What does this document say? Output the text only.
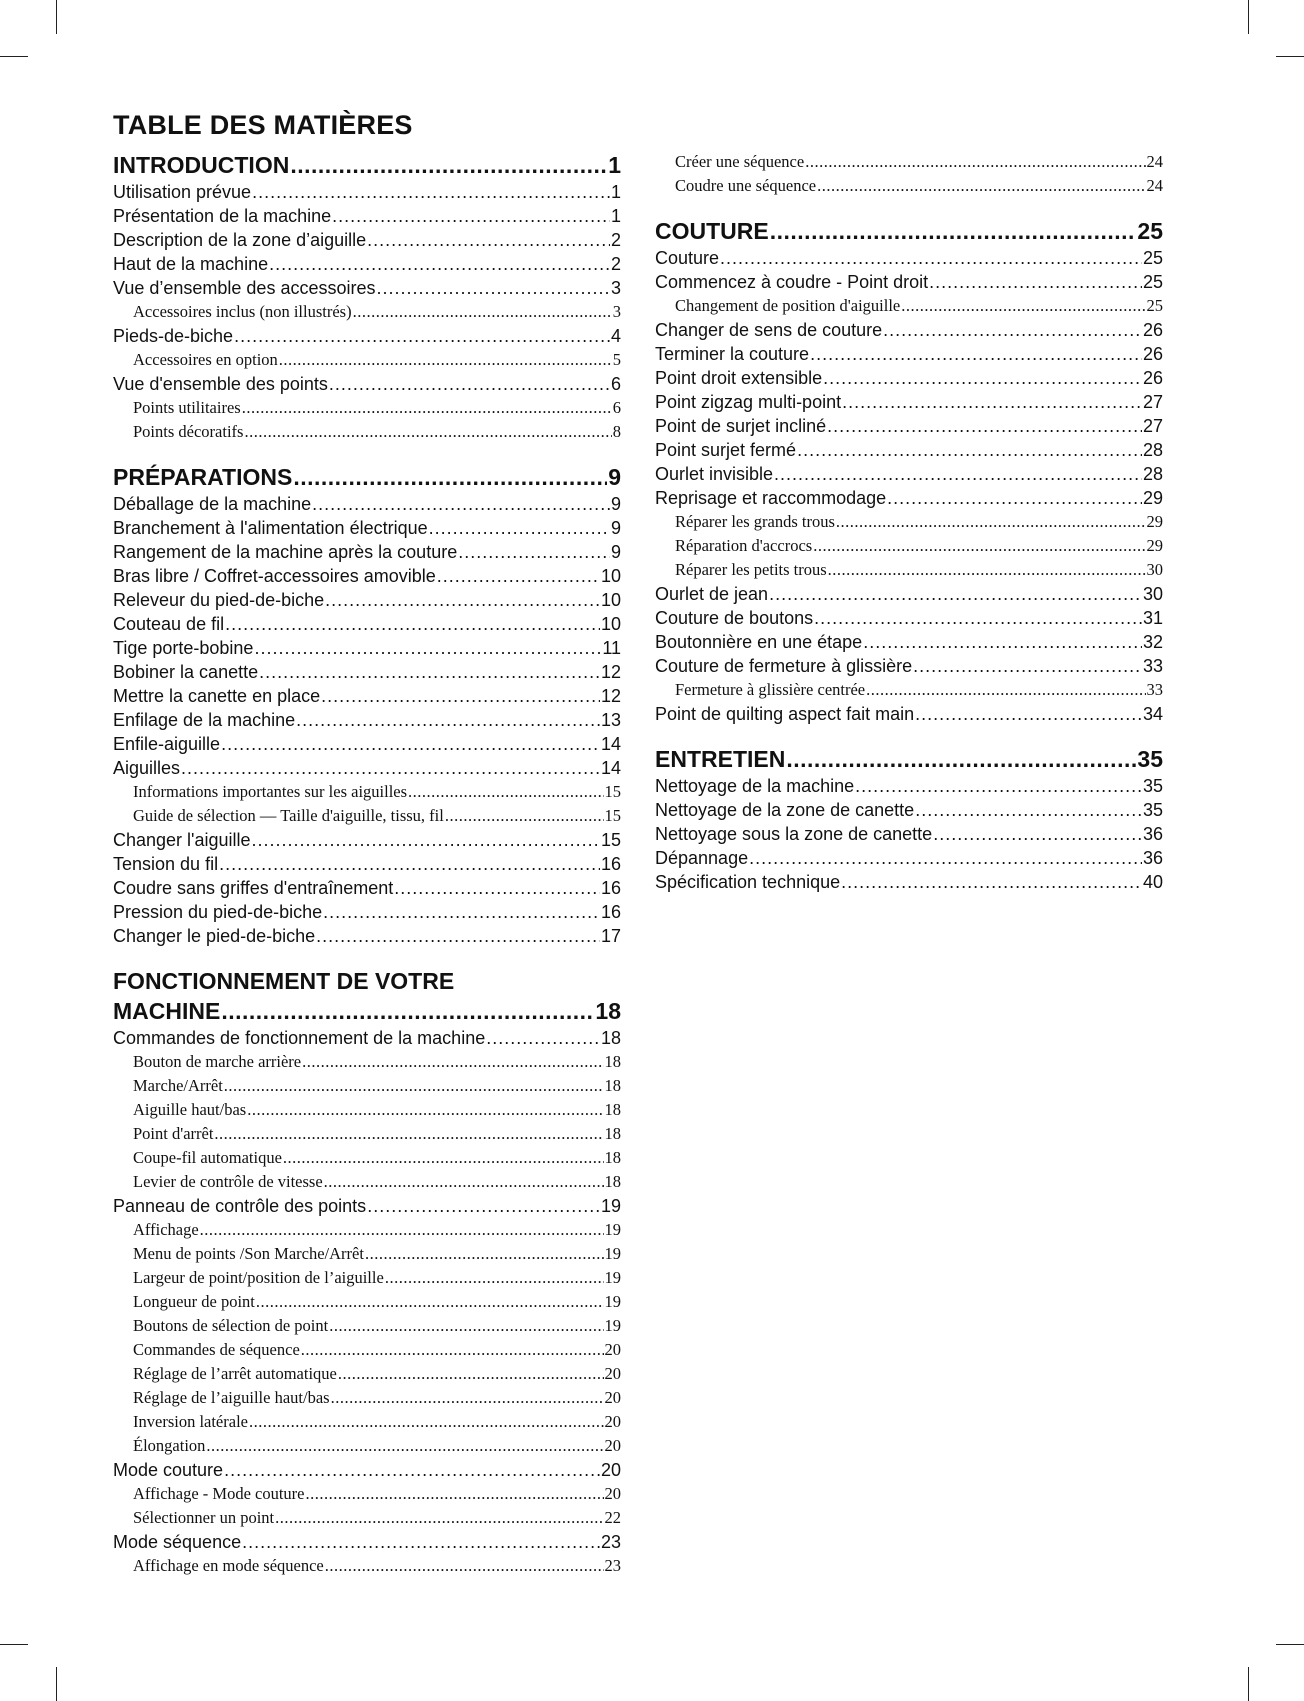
TABLE DES MATIÈRES
INTRODUCTION .....	1
Utilisation prévue .....	1
Présentation de la machine .....	1
Description de la zone d’aiguille .....	2
Haut de la machine .....	2
Vue d’ensemble des accessoires .....	3
Accessoires inclus (non illustrés) .....	3
Pieds-de-biche .....	4
Accessoires en option .....	5
Vue d'ensemble des points .....	6
Points utilitaires .....	6
Points décoratifs .....	8
PRÉPARATIONS .....	9
Déballage de la machine .....	9
Branchement à l'alimentation électrique .....	9
Rangement de la machine après la couture .....	9
Bras libre / Coffret-accessoires amovible .....	10
Releveur du pied-de-biche .....	10
Couteau de fil .....	10
Tige porte-bobine .....	11
Bobiner la canette .....	12
Mettre la canette en place .....	12
Enfilage de la machine .....	13
Enfile-aiguille .....	14
Aiguilles .....	14
Informations importantes sur les aiguilles .....	15
Guide de sélection — Taille d'aiguille, tissu, fil .....	15
Changer l'aiguille .....	15
Tension du fil .....	16
Coudre sans griffes d'entraînement .....	16
Pression du pied-de-biche .....	16
Changer le pied-de-biche .....	17
FONCTIONNEMENT DE VOTRE
MACHINE .....	18
Commandes de fonctionnement de la machine .....	18
Bouton de marche arrière .....	18
Marche/Arrêt .....	18
Aiguille haut/bas .....	18
Point d'arrêt .....	18
Coupe-fil automatique .....	18
Levier de contrôle de vitesse .....	18
Panneau de contrôle des points .....	19
Affichage .....	19
Menu de points /Son Marche/Arrêt .....	19
Largeur de point/position de l’aiguille .....	19
Longueur de point .....	19
Boutons de sélection de point .....	19
Commandes de séquence .....	20
Réglage de l’arrêt automatique .....	20
Réglage de l’aiguille haut/bas .....	20
Inversion latérale .....	20
Élongation .....	20
Mode couture .....	20
Affichage - Mode couture .....	20
Sélectionner un point .....	22
Mode séquence .....	23
Affichage en mode séquence .....	23
Créer une séquence .....	24
Coudre une séquence .....	24
COUTURE .....	25
Couture .....	25
Commencez à coudre - Point droit .....	25
Changement de position d'aiguille .....	25
Changer de sens de couture .....	26
Terminer la couture .....	26
Point droit extensible .....	26
Point zigzag multi-point .....	27
Point de surjet incliné .....	27
Point surjet fermé .....	28
Ourlet invisible .....	28
Reprisage et raccommodage .....	29
Réparer les grands trous .....	29
Réparation d'accrocs .....	29
Réparer les petits trous .....	30
Ourlet de jean .....	30
Couture de boutons .....	31
Boutonnière en une étape .....	32
Couture de fermeture à glissière .....	33
Fermeture à glissière centrée .....	33
Point de quilting aspect fait main .....	34
ENTRETIEN .....	35
Nettoyage de la machine .....	35
Nettoyage de la zone de canette .....	35
Nettoyage sous la zone de canette .....	36
Dépannage .....	36
Spécification technique .....	40
